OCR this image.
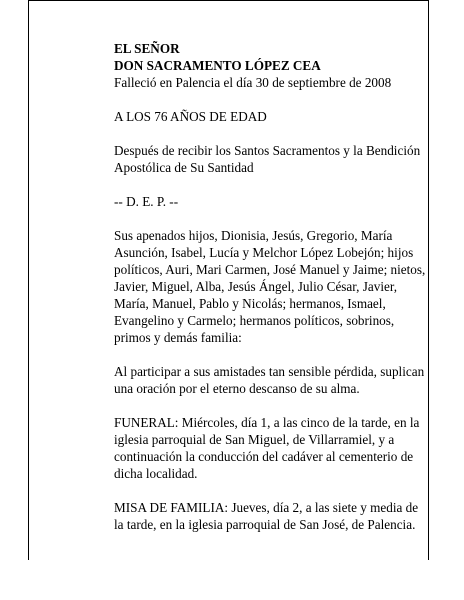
EL SEÑOR

DON SACRAMENTO LÓPEZ CEA

Falleció en Palencia el día 30 de septiembre de 2008

A LOS 76 AÑOS DE EDAD

Después de recibir los Santos Sacramentos y la Bendición Apostólica de Su Santidad

-- D. E. P. --

Sus apenados hijos, Dionisia, Jesús, Gregorio, María Asunción, Isabel, Lucía y Melchor López Lobejón; hijos políticos, Auri, Mari Carmen, José Manuel y Jaime; nietos, Javier, Miguel, Alba, Jesús Ángel, Julio César, Javier, María, Manuel, Pablo y Nicolás; hermanos, Ismael, Evangelino y Carmelo; hermanos políticos, sobrinos, primos y demás familia:

Al participar a sus amistades tan sensible pérdida, suplican una oración por el eterno descanso de su alma.

FUNERAL: Miércoles, día 1, a las cinco de la tarde, en la iglesia parroquial de San Miguel, de Villarramiel, y a continuación la conducción del cadáver al cementerio de dicha localidad.

MISA DE FAMILIA: Jueves, día 2, a las siete y media de la tarde, en la iglesia parroquial de San José, de Palencia.
